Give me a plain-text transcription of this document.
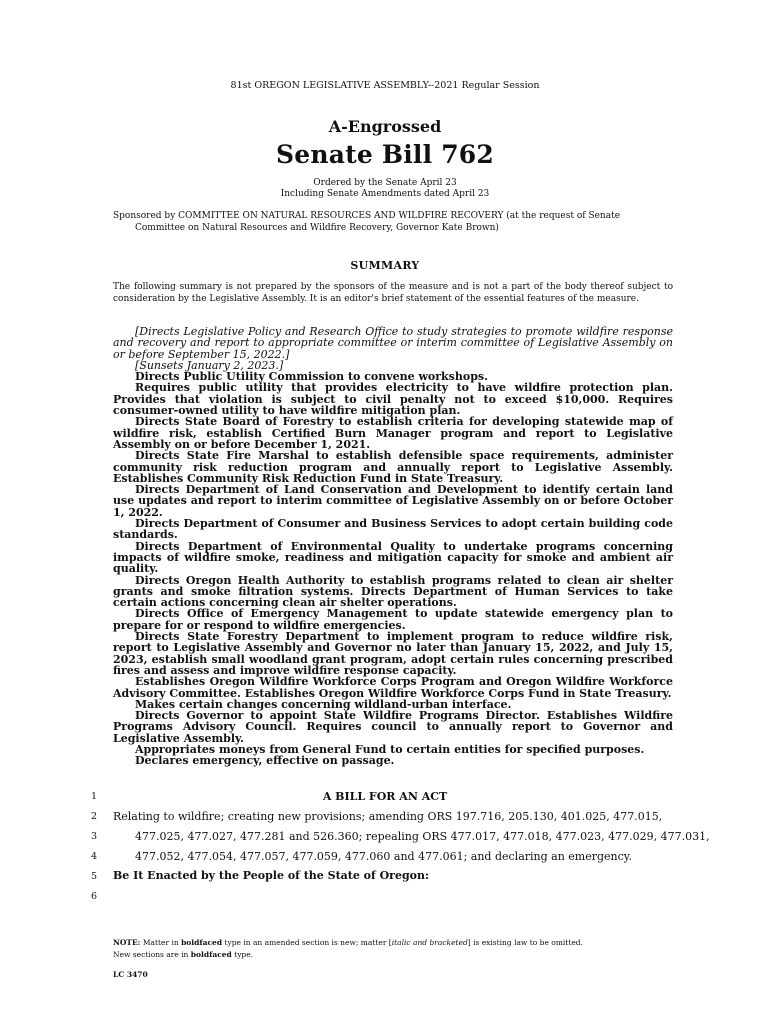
81st OREGON LEGISLATIVE ASSEMBLY--2021 Regular Session
A-Engrossed
Senate Bill 762
Ordered by the Senate April 23
Including Senate Amendments dated April 23
Sponsored by COMMITTEE ON NATURAL RESOURCES AND WILDFIRE RECOVERY (at the request of Senate
Committee on Natural Resources and Wildfire Recovery, Governor Kate Brown)
SUMMARY
The following summary is not prepared by the sponsors of the measure and is not a part of the body thereof subject to consideration by the Legislative Assembly. It is an editor's brief statement of the essential features of the measure.

[Directs Legislative Policy and Research Office to study strategies to promote wildfire response and recovery and report to appropriate committee or interim committee of Legislative Assembly on or before September 15, 2022.]

[Sunsets January 2, 2023.]

Directs Public Utility Commission to convene workshops.

Requires public utility that provides electricity to have wildfire protection plan. Provides that violation is subject to civil penalty not to exceed $10,000. Requires consumer-owned utility to have wildfire mitigation plan.

Directs State Board of Forestry to establish criteria for developing statewide map of wildfire risk, establish Certified Burn Manager program and report to Legislative Assembly on or before December 1, 2021.

Directs State Fire Marshal to establish defensible space requirements, administer community risk reduction program and annually report to Legislative Assembly. Establishes Community Risk Reduction Fund in State Treasury.

Directs Department of Land Conservation and Development to identify certain land use updates and report to interim committee of Legislative Assembly on or before October 1, 2022.

Directs Department of Consumer and Business Services to adopt certain building code standards.

Directs Department of Environmental Quality to undertake programs concerning impacts of wildfire smoke, readiness and mitigation capacity for smoke and ambient air quality.

Directs Oregon Health Authority to establish programs related to clean air shelter grants and smoke filtration systems. Directs Department of Human Services to take certain actions concerning clean air shelter operations.

Directs Office of Emergency Management to update statewide emergency plan to prepare for or respond to wildfire emergencies.

Directs State Forestry Department to implement program to reduce wildfire risk, report to Legislative Assembly and Governor no later than January 15, 2022, and July 15, 2023, establish small woodland grant program, adopt certain rules concerning prescribed fires and assess and improve wildfire response capacity.

Establishes Oregon Wildfire Workforce Corps Program and Oregon Wildfire Workforce Advisory Committee. Establishes Oregon Wildfire Workforce Corps Fund in State Treasury.

Makes certain changes concerning wildland-urban interface.

Directs Governor to appoint State Wildfire Programs Director. Establishes Wildfire Programs Advisory Council. Requires council to annually report to Governor and Legislative Assembly.

Appropriates moneys from General Fund to certain entities for specified purposes.

Declares emergency, effective on passage.

1	A BILL FOR AN ACT
2 Relating to wildfire; creating new provisions; amending ORS 197.716, 205.130, 401.025, 477.015,
3	477.025, 477.027, 477.281 and 526.360; repealing ORS 477.017, 477.018, 477.023, 477.029, 477.031,
4	477.052, 477.054, 477.057, 477.059, 477.060 and 477.061; and declaring an emergency.
5 Be It Enacted by the People of the State of Oregon:
6
NOTE: Matter in boldfaced type in an amended section is new; matter [italic and bracketed] is existing law to be omitted.
New sections are in boldfaced type.
LC 3470
